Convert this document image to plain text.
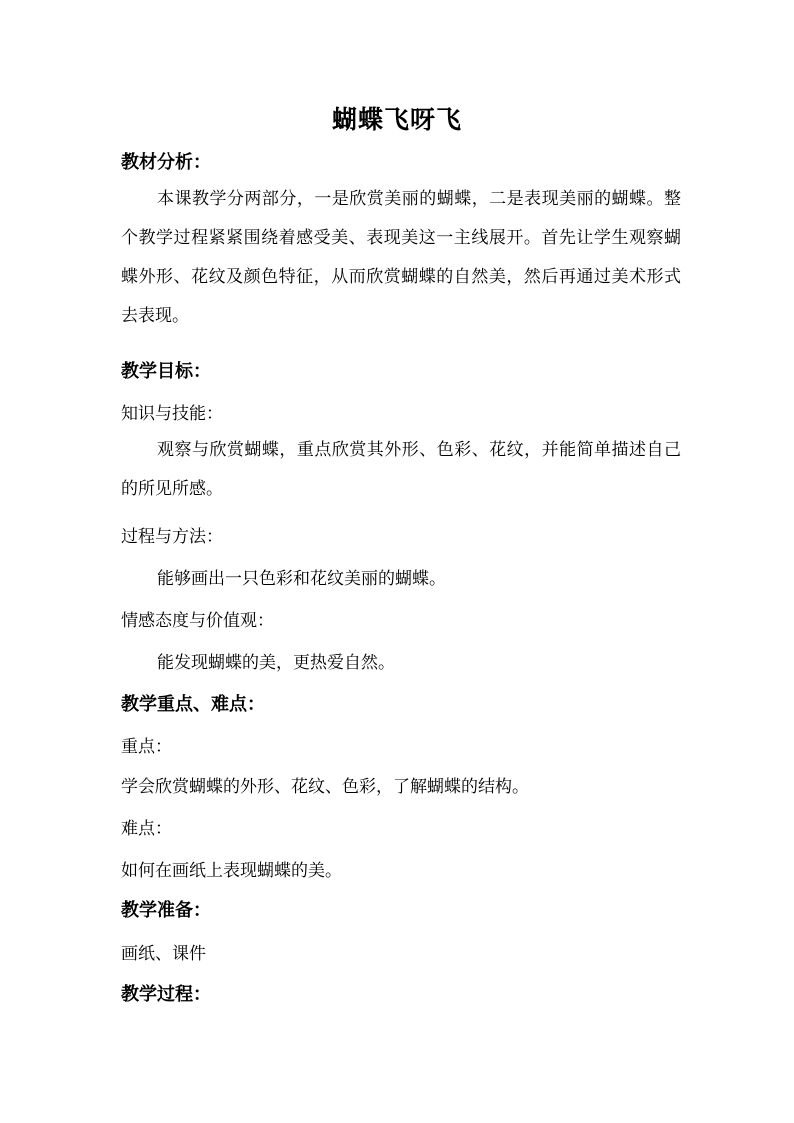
蝴蝶飞呀飞
教材分析：
本课教学分两部分，一是欣赏美丽的蝴蝶，二是表现美丽的蝴蝶。整个教学过程紧紧围绕着感受美、表现美这一主线展开。首先让学生观察蝴蝶外形、花纹及颜色特征，从而欣赏蝴蝶的自然美，然后再通过美术形式去表现。
教学目标：
知识与技能：
观察与欣赏蝴蝶，重点欣赏其外形、色彩、花纹，并能简单描述自己的所见所感。
过程与方法：
能够画出一只色彩和花纹美丽的蝴蝶。
情感态度与价值观：
能发现蝴蝶的美，更热爱自然。
教学重点、难点：
重点：
学会欣赏蝴蝶的外形、花纹、色彩，了解蝴蝶的结构。
难点：
如何在画纸上表现蝴蝶的美。
教学准备：
画纸、课件
教学过程：
